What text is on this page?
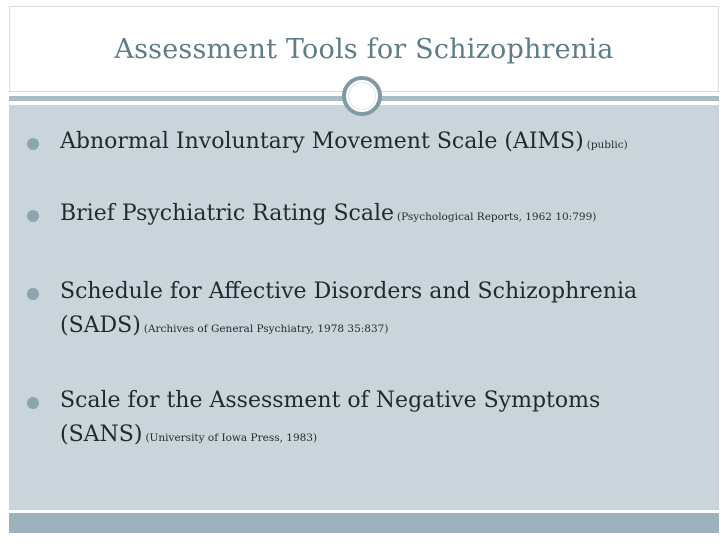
Assessment Tools for Schizophrenia
Abnormal Involuntary Movement Scale (AIMS) (public)
Brief Psychiatric Rating Scale (Psychological Reports, 1962 10:799)
Schedule for Affective Disorders and Schizophrenia
(SADS) (Archives of General Psychiatry, 1978 35:837)
Scale for the Assessment of Negative Symptoms
(SANS) (University of Iowa Press, 1983)
